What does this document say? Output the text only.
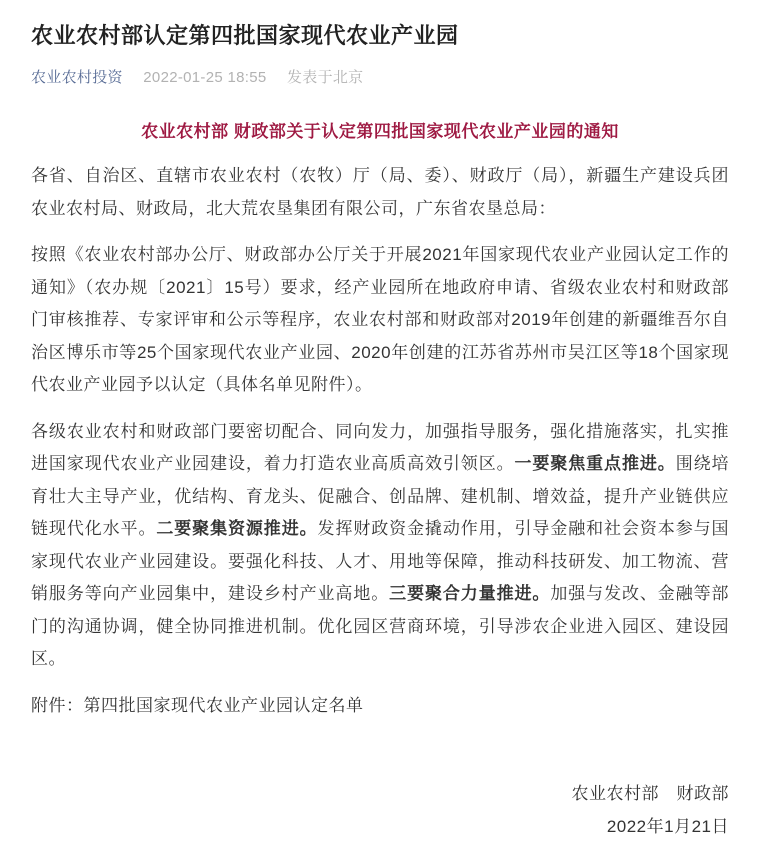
农业农村部认定第四批国家现代农业产业园
农业农村投资 2022-01-25 18:55 发表于北京
农业农村部 财政部关于认定第四批国家现代农业产业园的通知

各省、自治区、直辖市农业农村（农牧）厅（局、委）、财政厅（局），新疆生产建设兵团农业农村局、财政局，北大荒农垦集团有限公司，广东省农垦总局：

按照《农业农村部办公厅、财政部办公厅关于开展2021年国家现代农业产业园认定工作的通知》（农办规〔2021〕15号）要求，经产业园所在地政府申请、省级农业农村和财政部门审核推荐、专家评审和公示等程序，农业农村部和财政部对2019年创建的新疆维吾尔自治区博乐市等25个国家现代农业产业园、2020年创建的江苏省苏州市吴江区等18个国家现代农业产业园予以认定（具体名单见附件）。

各级农业农村和财政部门要密切配合、同向发力，加强指导服务，强化措施落实，扎实推进国家现代农业产业园建设，着力打造农业高质高效引领区。一要聚焦重点推进。围绕培育壮大主导产业，优结构、育龙头、促融合、创品牌、建机制、增效益，提升产业链供应链现代化水平。二要聚集资源推进。发挥财政资金撬动作用，引导金融和社会资本参与国家现代农业产业园建设。要强化科技、人才、用地等保障，推动科技研发、加工物流、营销服务等向产业园集中，建设乡村产业高地。三要聚合力量推进。加强与发改、金融等部门的沟通协调，健全协同推进机制。优化园区营商环境，引导涉农企业进入园区、建设园区。

附件：第四批国家现代农业产业园认定名单

农业农村部　财政部

2022年1月21日
